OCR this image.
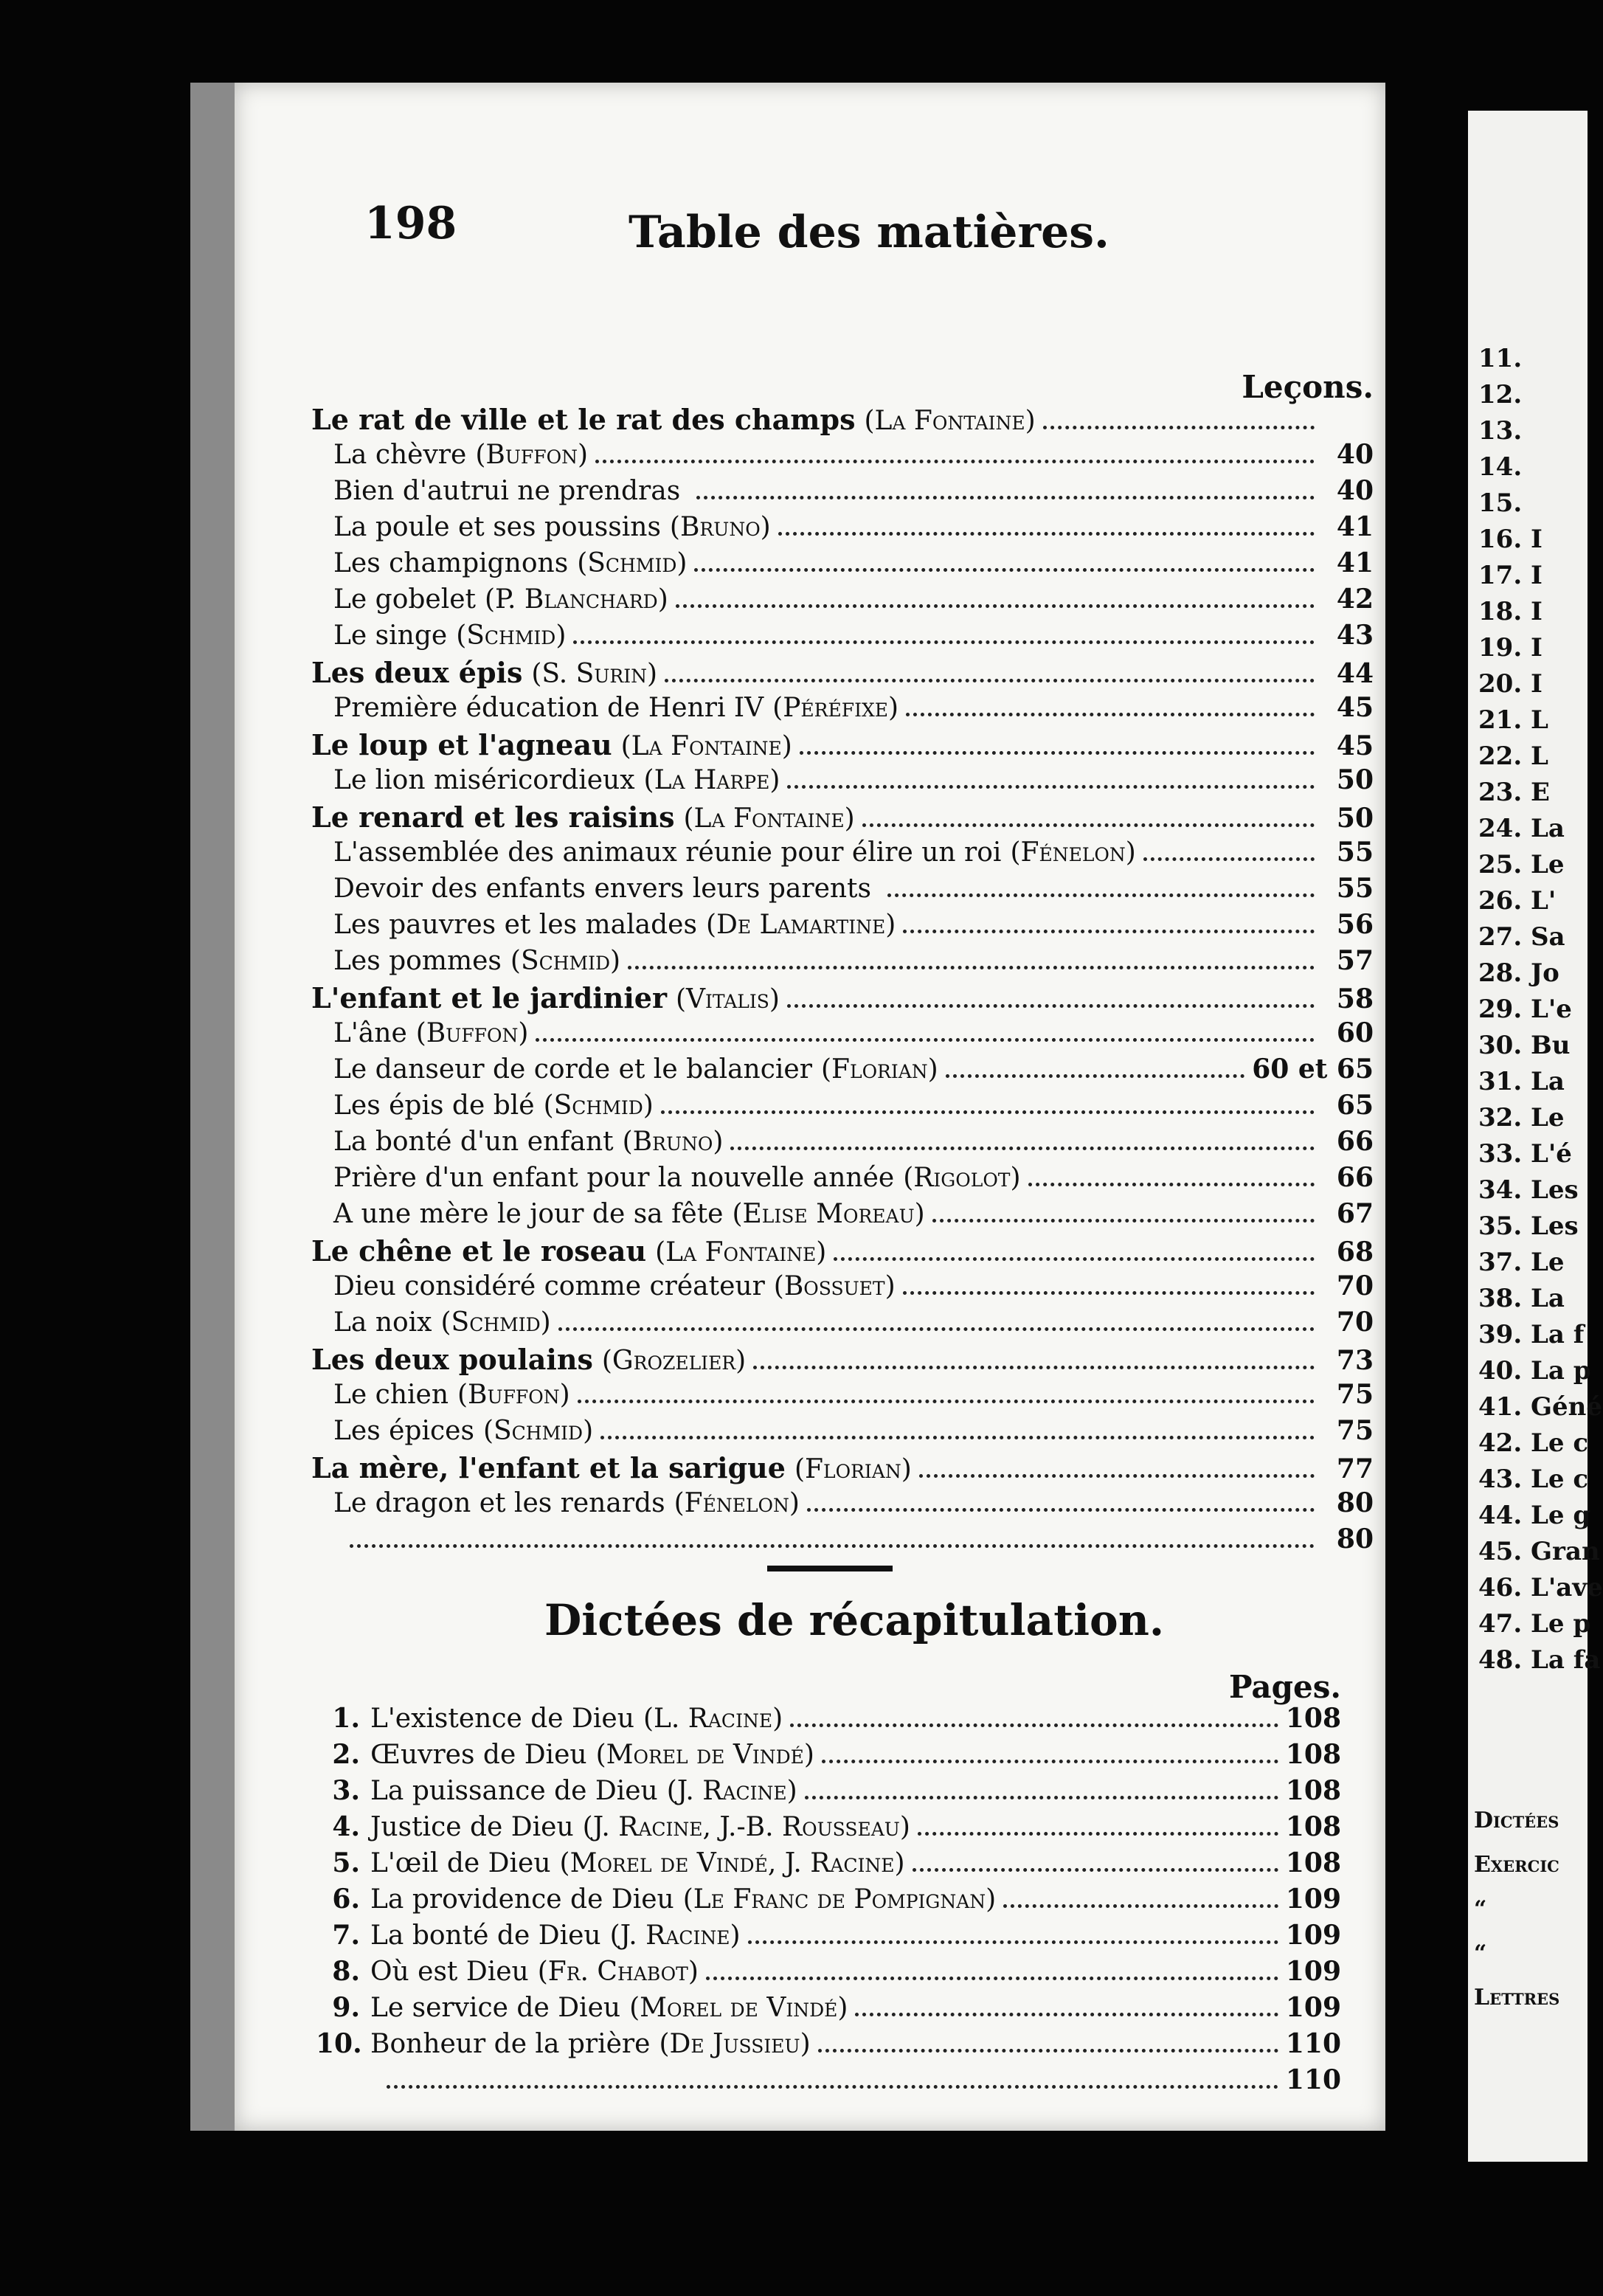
198	Table des matières.
Leçons.
Le rat de ville et le rat des champs (La Fontaine)
La chèvre (Buffon)	40
Bien d'autrui ne prendras	40
La poule et ses poussins (Bruno)	41
Les champignons (Schmid)	41
Le gobelet (P. Blanchard)	42
Le singe (Schmid)	43
Les deux épis (S. Surin)	44
Première éducation de Henri IV (Péréfixe)	45
Le loup et l'agneau (La Fontaine)	45
Le lion miséricordieux (La Harpe)	50
Le renard et les raisins (La Fontaine)	50
L'assemblée des animaux réunie pour élire un roi (Fénelon)	55
Devoir des enfants envers leurs parents	55
Les pauvres et les malades (De Lamartine)	56
Les pommes (Schmid)	57
L'enfant et le jardinier (Vitalis)	58
L'âne (Buffon)	60
Le danseur de corde et le balancier (Florian)	60 et 65
Les épis de blé (Schmid)	65
La bonté d'un enfant (Bruno)	66
Prière d'un enfant pour la nouvelle année (Rigolot)	66
A une mère le jour de sa fête (Elise Moreau)	67
Le chêne et le roseau (La Fontaine)	68
Dieu considéré comme créateur (Bossuet)	70
La noix (Schmid)	70
Les deux poulains (Grozelier)	73
Le chien (Buffon)	75
Les épices (Schmid)	75
La mère, l'enfant et la sarigue (Florian)	77
Le dragon et les renards (Fénelon)	80
80
Dictées de récapitulation.
Pages.
1. L'existence de Dieu (L. Racine)	108
2. Œuvres de Dieu (Morel de Vindé)	108
3. La puissance de Dieu (J. Racine)	108
4. Justice de Dieu (J. Racine, J.-B. Rousseau)	108
5. L'œil de Dieu (Morel de Vindé, J. Racine)	108
6. La providence de Dieu (Le Franc de Pompignan)	109
7. La bonté de Dieu (J. Racine)	109
8. Où est Dieu (Fr. Chabot)	109
9. Le service de Dieu (Morel de Vindé)	109
10. Bonheur de la prière (De Jussieu)	110
110
11.
12.
13.
14.
15.
16. I
17. I
18. I
19. I
20. I
21. L
22. L
23. E
24. La
25. Le
26. L'
27. Sa
28. Jo
29. L'e
30. Bu
31. La
32. Le
33. L'é
34. Les
35. Les
37. Le
38. La
39. La f
40. La p
41. Géné
42. Le c
43. Le c
44. Le g
45. Gran
46. L'ave
47. Le p
48. La fa
Dictées
Exercic
“
“
Lettres
